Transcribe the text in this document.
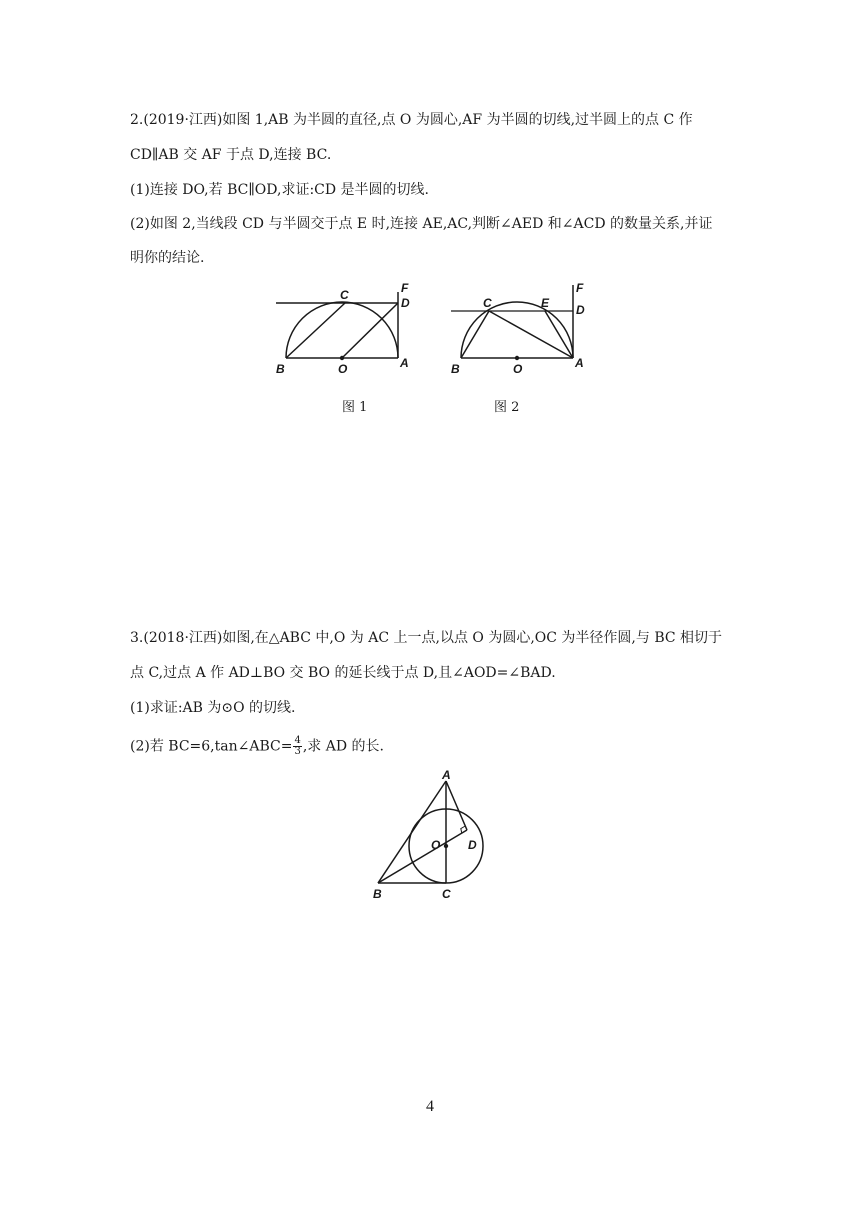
2.(2019·江西)如图 1,AB 为半圆的直径,点 O 为圆心,AF 为半圆的切线,过半圆上的点 C 作
CD∥AB 交 AF 于点 D,连接 BC.
(1)连接 DO,若 BC∥OD,求证:CD 是半圆的切线.
(2)如图 2,当线段 CD 与半圆交于点 E 时,连接 AE,AC,判断∠AED 和∠ACD 的数量关系,并证
明你的结论.
C
D
F
B	O	A
C	E D
F
B	O	A
图 1	图 2
3.(2018·江西)如图,在△ABC 中,O 为 AC 上一点,以点 O 为圆心,OC 为半径作圆,与 BC 相切于
点 C,过点 A 作 AD⊥BO 交 BO 的延长线于点 D,且∠AOD=∠BAD.
(1)求证:AB 为⊙O 的切线.
(2)若 BC=6,tan∠ABC= $\frac{4}{3}$ ,求 AD 的长.
A
O D
B	C
4
